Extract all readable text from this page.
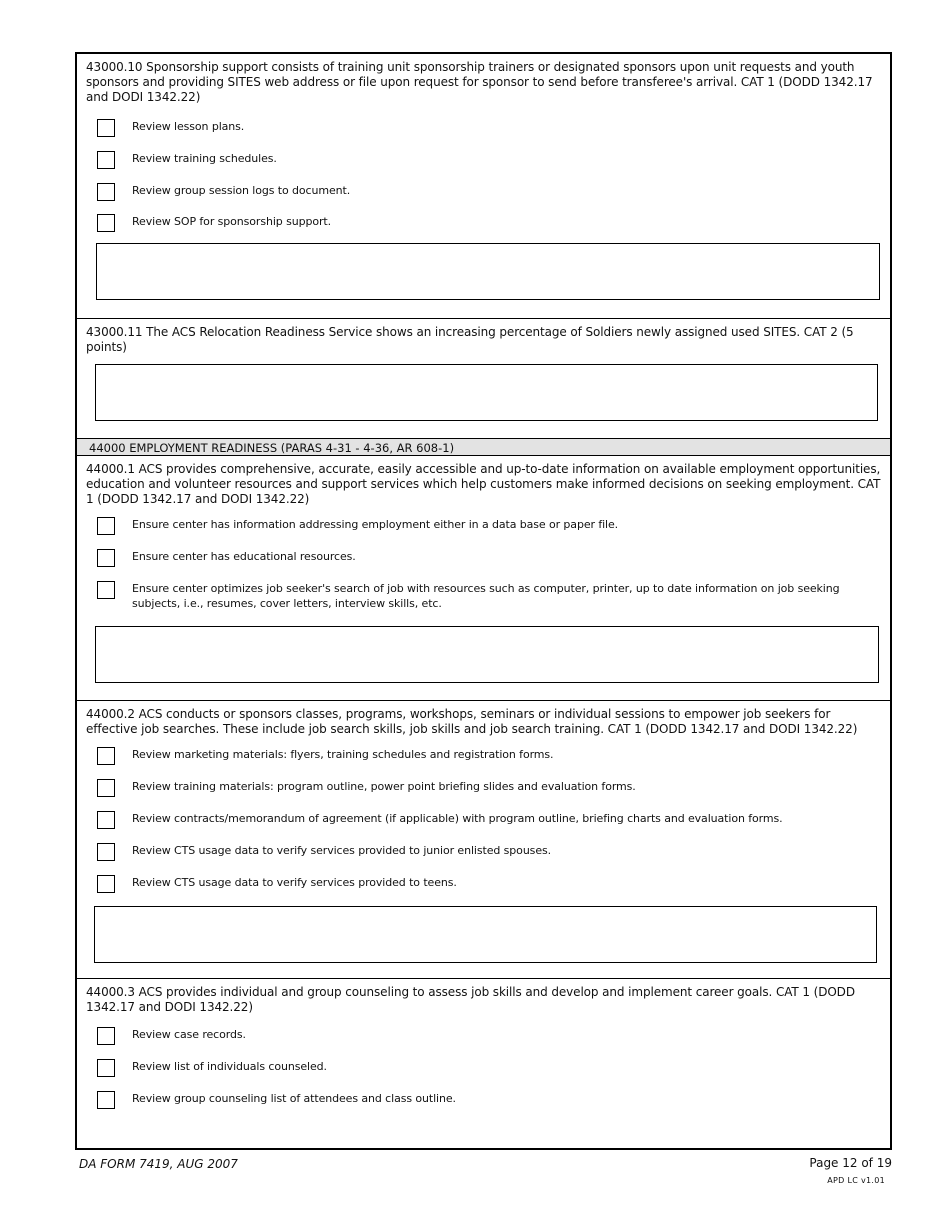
43000.10 Sponsorship support consists of training unit sponsorship trainers or designated sponsors upon unit requests and youth sponsors and providing SITES web address or file upon request for sponsor to send before transferee's arrival. CAT 1 (DODD 1342.17 and DODI 1342.22)
Review lesson plans.
Review training schedules.
Review group session logs to document.
Review SOP for sponsorship support.
43000.11 The ACS Relocation Readiness Service shows an increasing percentage of Soldiers newly assigned used SITES. CAT 2 (5 points)
44000 EMPLOYMENT READINESS (PARAS 4-31 - 4-36, AR 608-1)
44000.1 ACS provides comprehensive, accurate, easily accessible and up-to-date information on available employment opportunities, education and volunteer resources and support services which help customers make informed decisions on seeking employment. CAT 1 (DODD 1342.17 and DODI 1342.22)
Ensure center has information addressing employment either in a data base or paper file.
Ensure center has educational resources.
Ensure center optimizes job seeker's search of job with resources such as computer, printer, up to date information on job seeking subjects, i.e., resumes, cover letters, interview skills, etc.
44000.2 ACS conducts or sponsors classes, programs, workshops, seminars or individual sessions to empower job seekers for effective job searches. These include job search skills, job skills and job search training. CAT 1 (DODD 1342.17 and DODI 1342.22)
Review marketing materials: flyers, training schedules and registration forms.
Review training materials: program outline, power point briefing slides and evaluation forms.
Review contracts/memorandum of agreement (if applicable) with program outline, briefing charts and evaluation forms.
Review CTS usage data to verify services provided to junior enlisted spouses.
Review CTS usage data to verify services provided to teens.
44000.3 ACS provides individual and group counseling to assess job skills and develop and implement career goals. CAT 1 (DODD 1342.17 and DODI 1342.22)
Review case records.
Review list of individuals counseled.
Review group counseling list of attendees and class outline.
DA FORM 7419, AUG 2007	Page 12 of 19
APD LC v1.01
